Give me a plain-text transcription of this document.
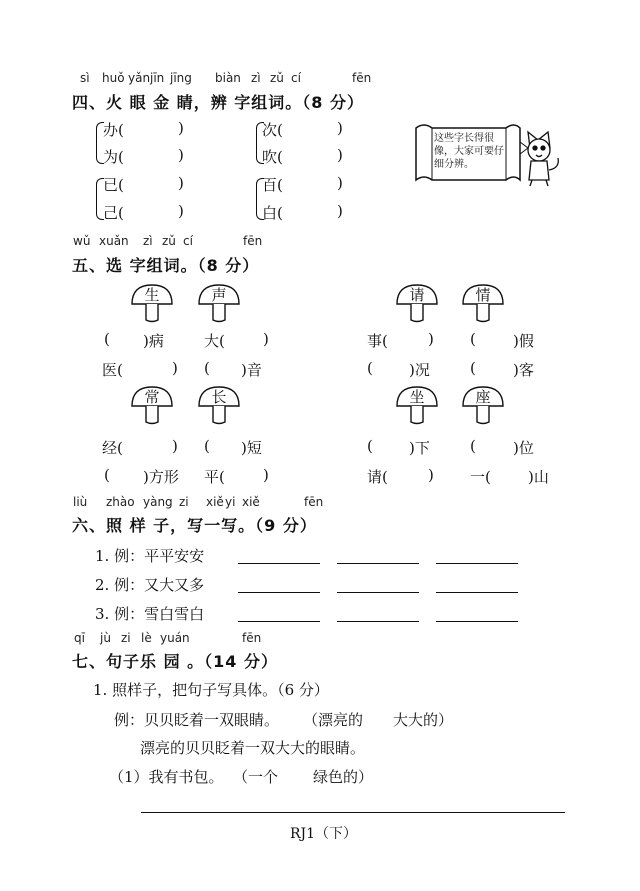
sì huǒ yǎn jīn jīng biàn zì zǔ cí	fēn
四、火 眼 金 睛，辨 字组词。（8 分）
办(	)
为(	)
次(	)
吹(	)
已(	)
己(	)
百(	)
白(	)
这些字长得很像，大家可要仔细分辨。
wǔ xuǎn zì zǔ cí	fēn
五、选 字组词。（8 分）
生	声	请	情
( )病	大(	)	事(	) ( )假
医(	) ( )音	( )况	( )客
常	长	坐	座
经(	) ( )短	( )下	( )位
( )方形 平(	)	请(	) 一( )山
liù zhào yàng zi xiě yi xiě	fēn
六、照 样 子，写一写。（9 分）
1. 例：平平安安
2. 例：又大又多
3. 例：雪白雪白
qī jù zi lè yuán	fēn
七、句子乐 园 。（14 分）
1. 照样子，把句子写具体。（6 分）
例：贝贝眨着一双眼睛。 （漂亮的 大大的）
漂亮的贝贝眨着一双大大的眼睛。
（1）我有书包。 （一个 绿色的）
RJ1（下）
